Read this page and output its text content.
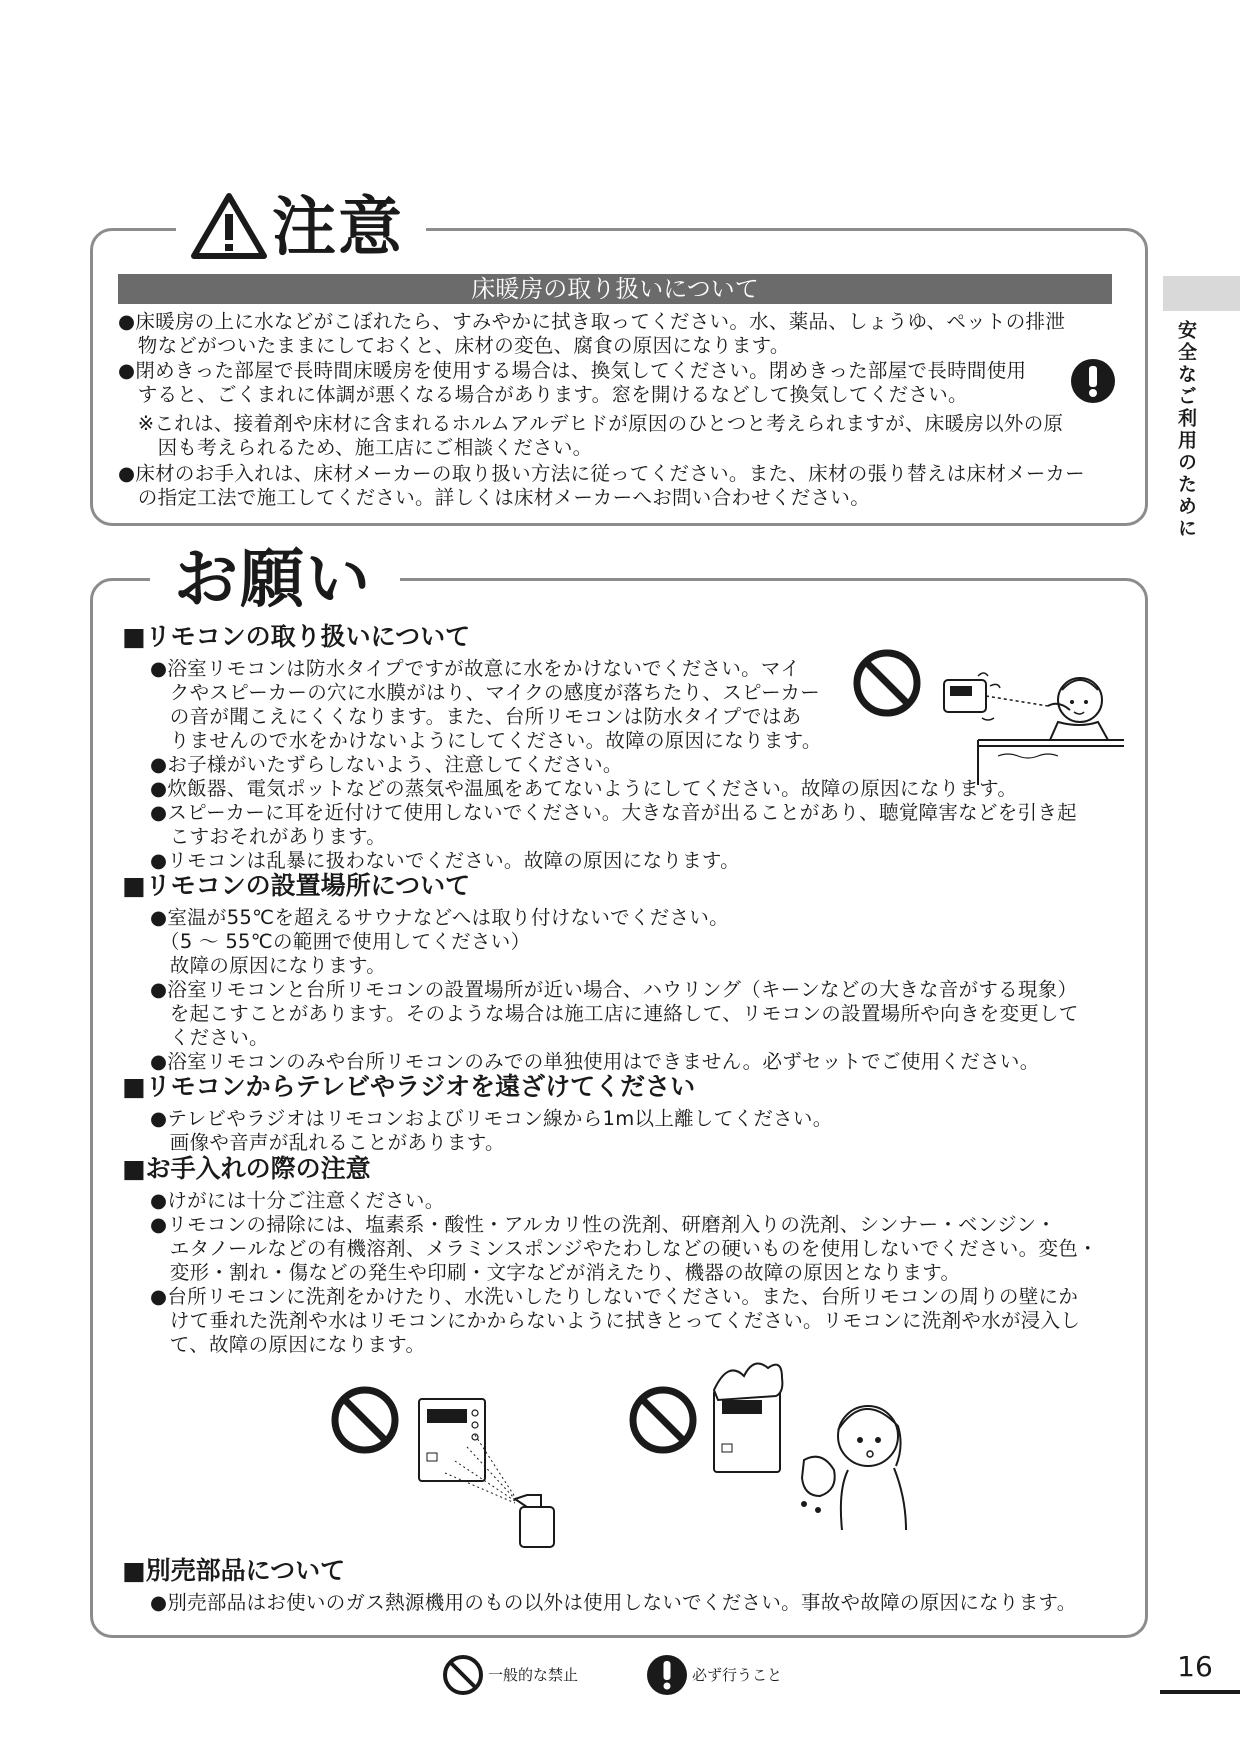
安全なご利用のために
注意
床暖房の取り扱いについて
●床暖房の上に水などがこぼれたら、すみやかに拭き取ってください。水、薬品、しょうゆ、ペットの排泄
　物などがついたままにしておくと、床材の変色、腐食の原因になります。
●閉めきった部屋で長時間床暖房を使用する場合は、換気してください。閉めきった部屋で長時間使用
　すると、ごくまれに体調が悪くなる場合があります。窓を開けるなどして換気してください。
　※これは、接着剤や床材に含まれるホルムアルデヒドが原因のひとつと考えられますが、床暖房以外の原
　　因も考えられるため、施工店にご相談ください。
●床材のお手入れは、床材メーカーの取り扱い方法に従ってください。また、床材の張り替えは床材メーカー
　の指定工法で施工してください。詳しくは床材メーカーへお問い合わせください。
お願い
■リモコンの取り扱いについて
●浴室リモコンは防水タイプですが故意に水をかけないでください。マイ
　クやスピーカーの穴に水膜がはり、マイクの感度が落ちたり、スピーカー
　の音が聞こえにくくなります。また、台所リモコンは防水タイプではあ
　りませんので水をかけないようにしてください。故障の原因になります。
●お子様がいたずらしないよう、注意してください。
●炊飯器、電気ポットなどの蒸気や温風をあてないようにしてください。故障の原因になります。
●スピーカーに耳を近付けて使用しないでください。大きな音が出ることがあり、聴覚障害などを引き起
　こすおそれがあります。
●リモコンは乱暴に扱わないでください。故障の原因になります。
■リモコンの設置場所について
●室温が55℃を超えるサウナなどへは取り付けないでください。
　（5 ～ 55℃の範囲で使用してください）
　故障の原因になります。
●浴室リモコンと台所リモコンの設置場所が近い場合、ハウリング（キーンなどの大きな音がする現象）
　を起こすことがあります。そのような場合は施工店に連絡して、リモコンの設置場所や向きを変更して
　ください。
●浴室リモコンのみや台所リモコンのみでの単独使用はできません。必ずセットでご使用ください。
■リモコンからテレビやラジオを遠ざけてください
●テレビやラジオはリモコンおよびリモコン線から1m以上離してください。
　画像や音声が乱れることがあります。
■お手入れの際の注意
●けがには十分ご注意ください。
●リモコンの掃除には、塩素系・酸性・アルカリ性の洗剤、研磨剤入りの洗剤、シンナー・ベンジン・
　エタノールなどの有機溶剤、メラミンスポンジやたわしなどの硬いものを使用しないでください。変色・
　変形・割れ・傷などの発生や印刷・文字などが消えたり、機器の故障の原因となります。
●台所リモコンに洗剤をかけたり、水洗いしたりしないでください。また、台所リモコンの周りの壁にか
　けて垂れた洗剤や水はリモコンにかからないように拭きとってください。リモコンに洗剤や水が浸入し
　て、故障の原因になります。
■別売部品について
●別売部品はお使いのガス熱源機用のもの以外は使用しないでください。事故や故障の原因になります。
一般的な禁止	必ず行うこと	16
